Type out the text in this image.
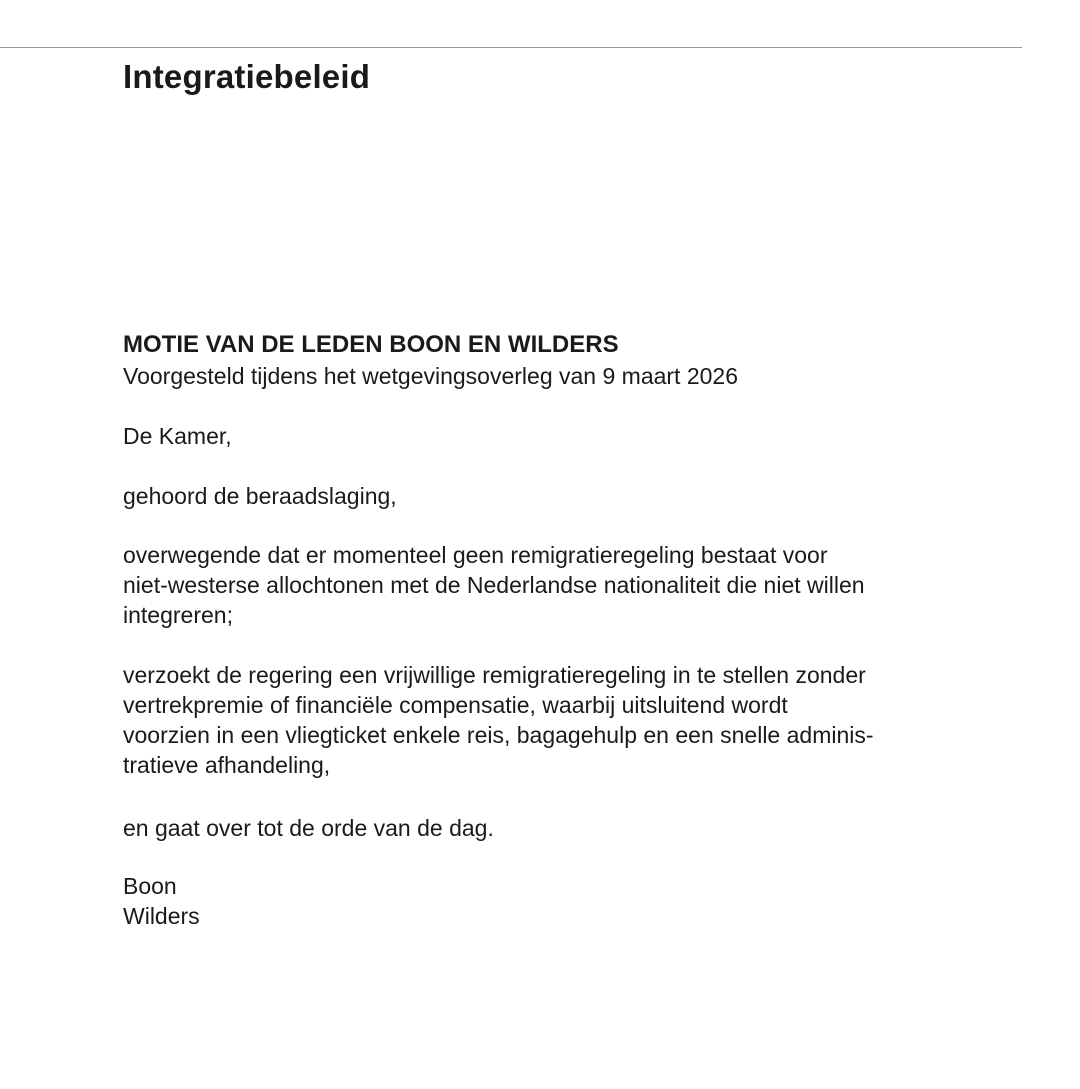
Integratiebeleid
MOTIE VAN DE LEDEN BOON EN WILDERS

Voorgesteld tijdens het wetgevingsoverleg van 9 maart 2026

De Kamer,

gehoord de beraadslaging,

overwegende dat er momenteel geen remigratieregeling bestaat voor
niet-westerse allochtonen met de Nederlandse nationaliteit die niet willen
integreren;

verzoekt de regering een vrijwillige remigratieregeling in te stellen zonder
vertrekpremie of financiële compensatie, waarbij uitsluitend wordt
voorzien in een vliegticket enkele reis, bagagehulp en een snelle adminis-
tratieve afhandeling,

en gaat over tot de orde van de dag.

Boon
Wilders
